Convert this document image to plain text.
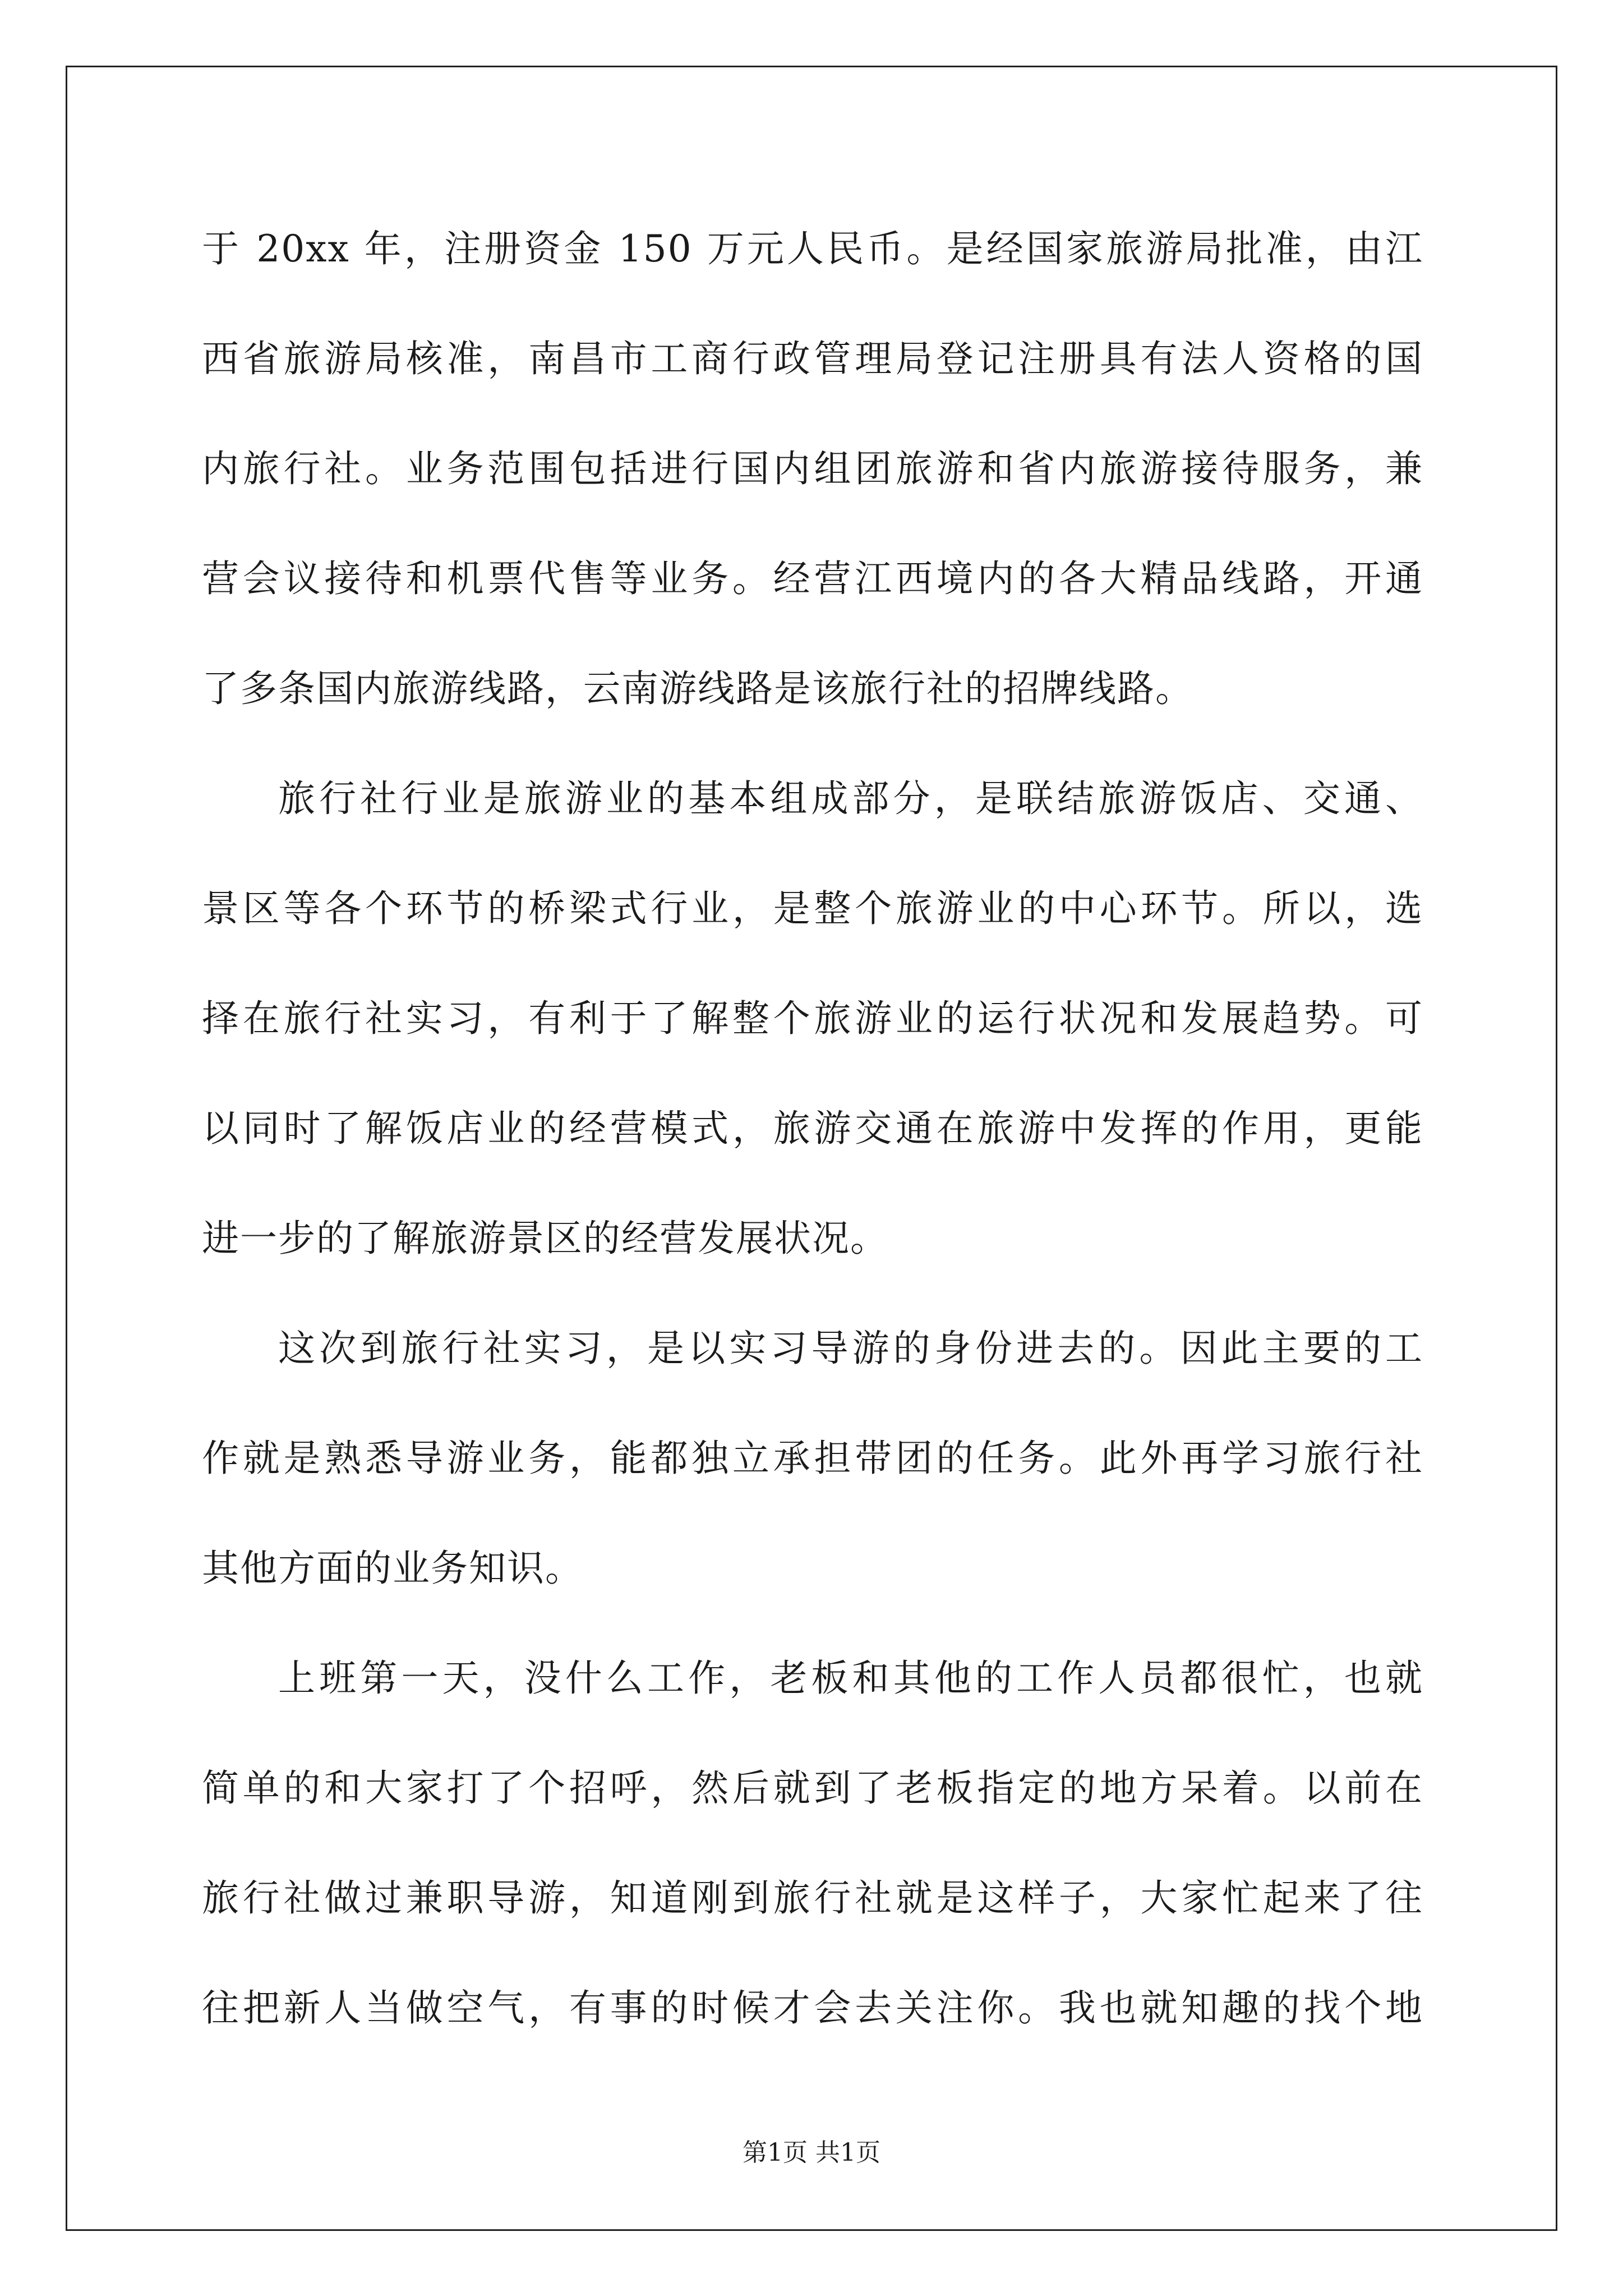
于 20xx 年，注册资金 150 万元人民币。是经国家旅游局批准，由江
西省旅游局核准，南昌市工商行政管理局登记注册具有法人资格的国
内旅行社。业务范围包括进行国内组团旅游和省内旅游接待服务，兼
营会议接待和机票代售等业务。经营江西境内的各大精品线路，开通
了多条国内旅游线路，云南游线路是该旅行社的招牌线路。
旅行社行业是旅游业的基本组成部分，是联结旅游饭店、交通、
景区等各个环节的桥梁式行业，是整个旅游业的中心环节。所以，选
择在旅行社实习，有利于了解整个旅游业的运行状况和发展趋势。可
以同时了解饭店业的经营模式，旅游交通在旅游中发挥的作用，更能
进一步的了解旅游景区的经营发展状况。
这次到旅行社实习，是以实习导游的身份进去的。因此主要的工
作就是熟悉导游业务，能都独立承担带团的任务。此外再学习旅行社
其他方面的业务知识。
上班第一天，没什么工作，老板和其他的工作人员都很忙，也就
简单的和大家打了个招呼，然后就到了老板指定的地方呆着。以前在
旅行社做过兼职导游，知道刚到旅行社就是这样子，大家忙起来了往
往把新人当做空气，有事的时候才会去关注你。我也就知趣的找个地
第1页 共1页
